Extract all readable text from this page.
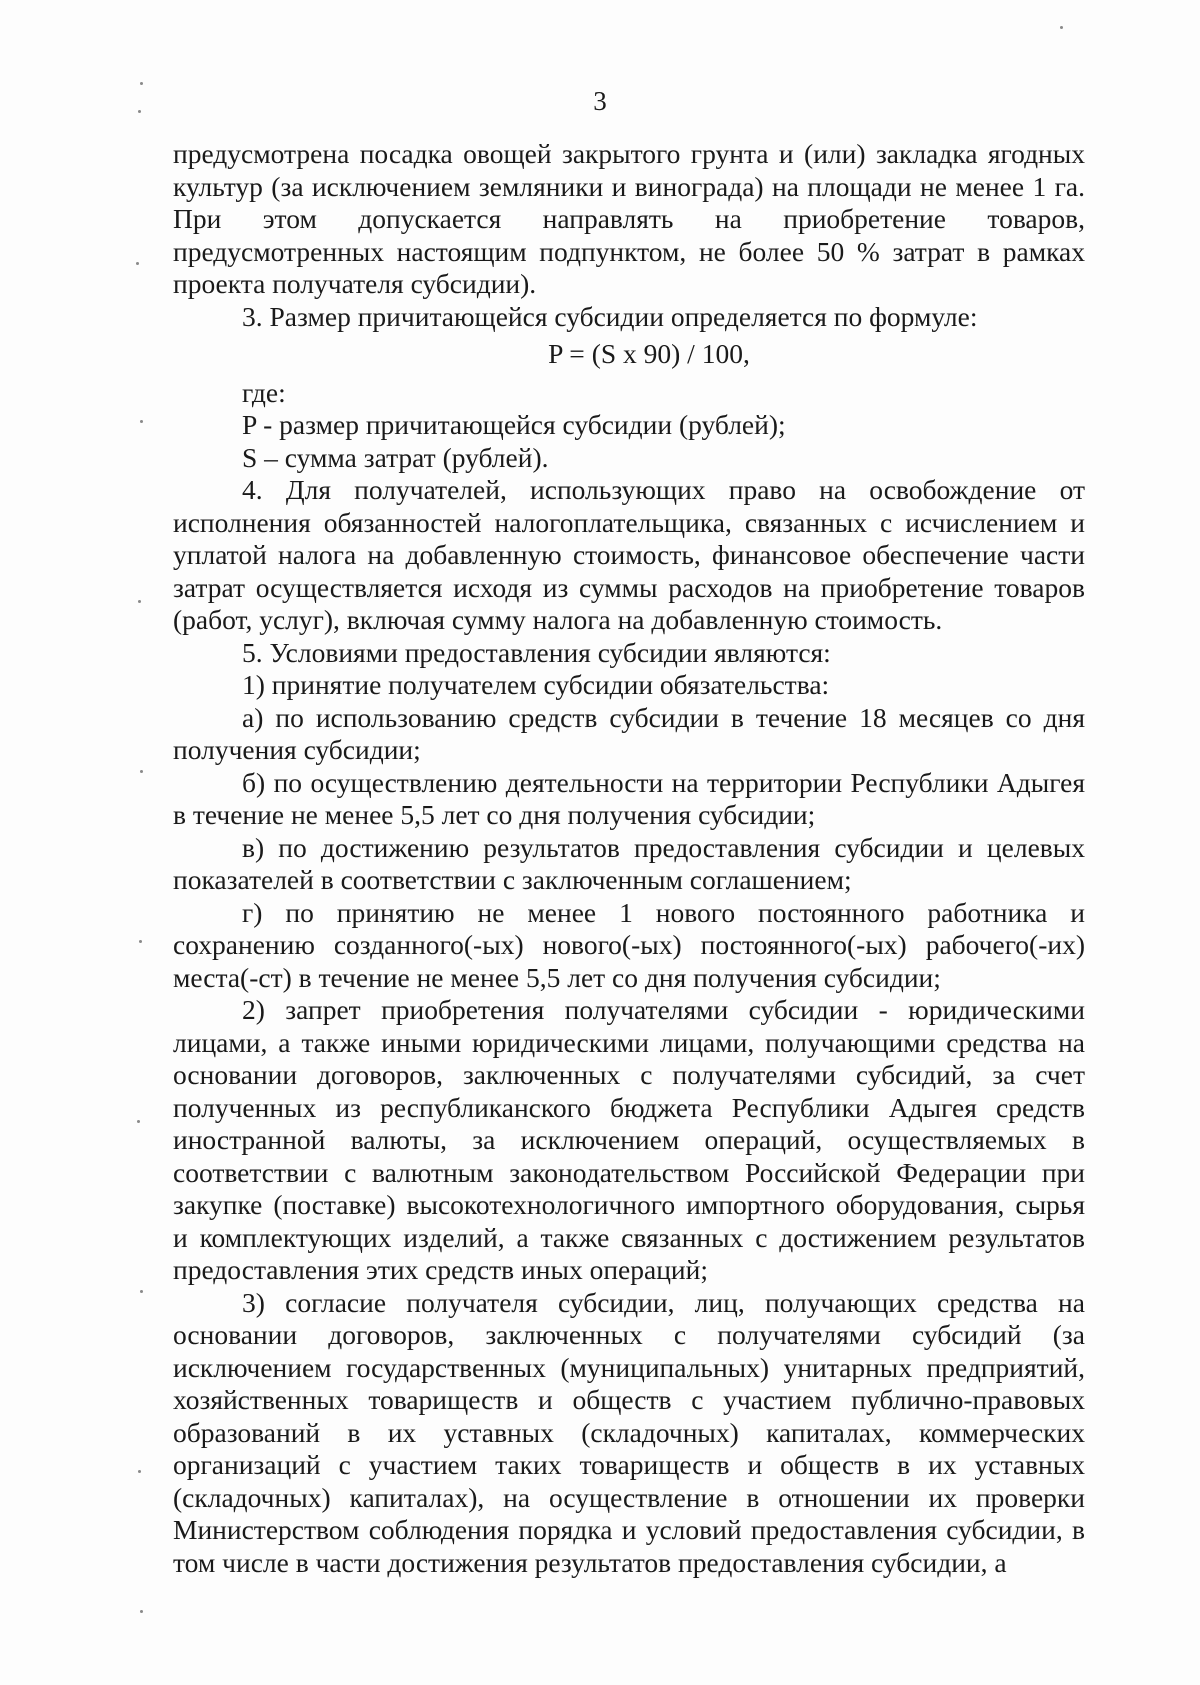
3

предусмотрена посадка овощей закрытого грунта и (или) закладка ягодных культур (за исключением земляники и винограда) на площади не менее 1 га. При этом допускается направлять на приобретение товаров, предусмотренных настоящим подпунктом, не более 50 % затрат в рамках проекта получателя субсидии).

3. Размер причитающейся субсидии определяется по формуле:

P = (S x 90) / 100,

где:

P - размер причитающейся субсидии (рублей);

S – сумма затрат (рублей).

4. Для получателей, использующих право на освобождение от исполнения обязанностей налогоплательщика, связанных с исчислением и уплатой налога на добавленную стоимость, финансовое обеспечение части затрат осуществляется исходя из суммы расходов на приобретение товаров (работ, услуг), включая сумму налога на добавленную стоимость.

5. Условиями предоставления субсидии являются:

1) принятие получателем субсидии обязательства:

а) по использованию средств субсидии в течение 18 месяцев со дня получения субсидии;

б) по осуществлению деятельности на территории Республики Адыгея в течение не менее 5,5 лет со дня получения субсидии;

в) по достижению результатов предоставления субсидии и целевых показателей в соответствии с заключенным соглашением;

г) по принятию не менее 1 нового постоянного работника и сохранению созданного(-ых) нового(-ых) постоянного(-ых) рабочего(-их) места(-ст) в течение не менее 5,5 лет со дня получения субсидии;

2) запрет приобретения получателями субсидии - юридическими лицами, а также иными юридическими лицами, получающими средства на основании договоров, заключенных с получателями субсидий, за счет полученных из республиканского бюджета Республики Адыгея средств иностранной валюты, за исключением операций, осуществляемых в соответствии с валютным законодательством Российской Федерации при закупке (поставке) высокотехнологичного импортного оборудования, сырья и комплектующих изделий, а также связанных с достижением результатов предоставления этих средств иных операций;

3) согласие получателя субсидии, лиц, получающих средства на основании договоров, заключенных с получателями субсидий (за исключением государственных (муниципальных) унитарных предприятий, хозяйственных товариществ и обществ с участием публично-правовых образований в их уставных (складочных) капиталах, коммерческих организаций с участием таких товариществ и обществ в их уставных (складочных) капиталах), на осуществление в отношении их проверки Министерством соблюдения порядка и условий предоставления субсидии, в том числе в части достижения результатов предоставления субсидии, а
